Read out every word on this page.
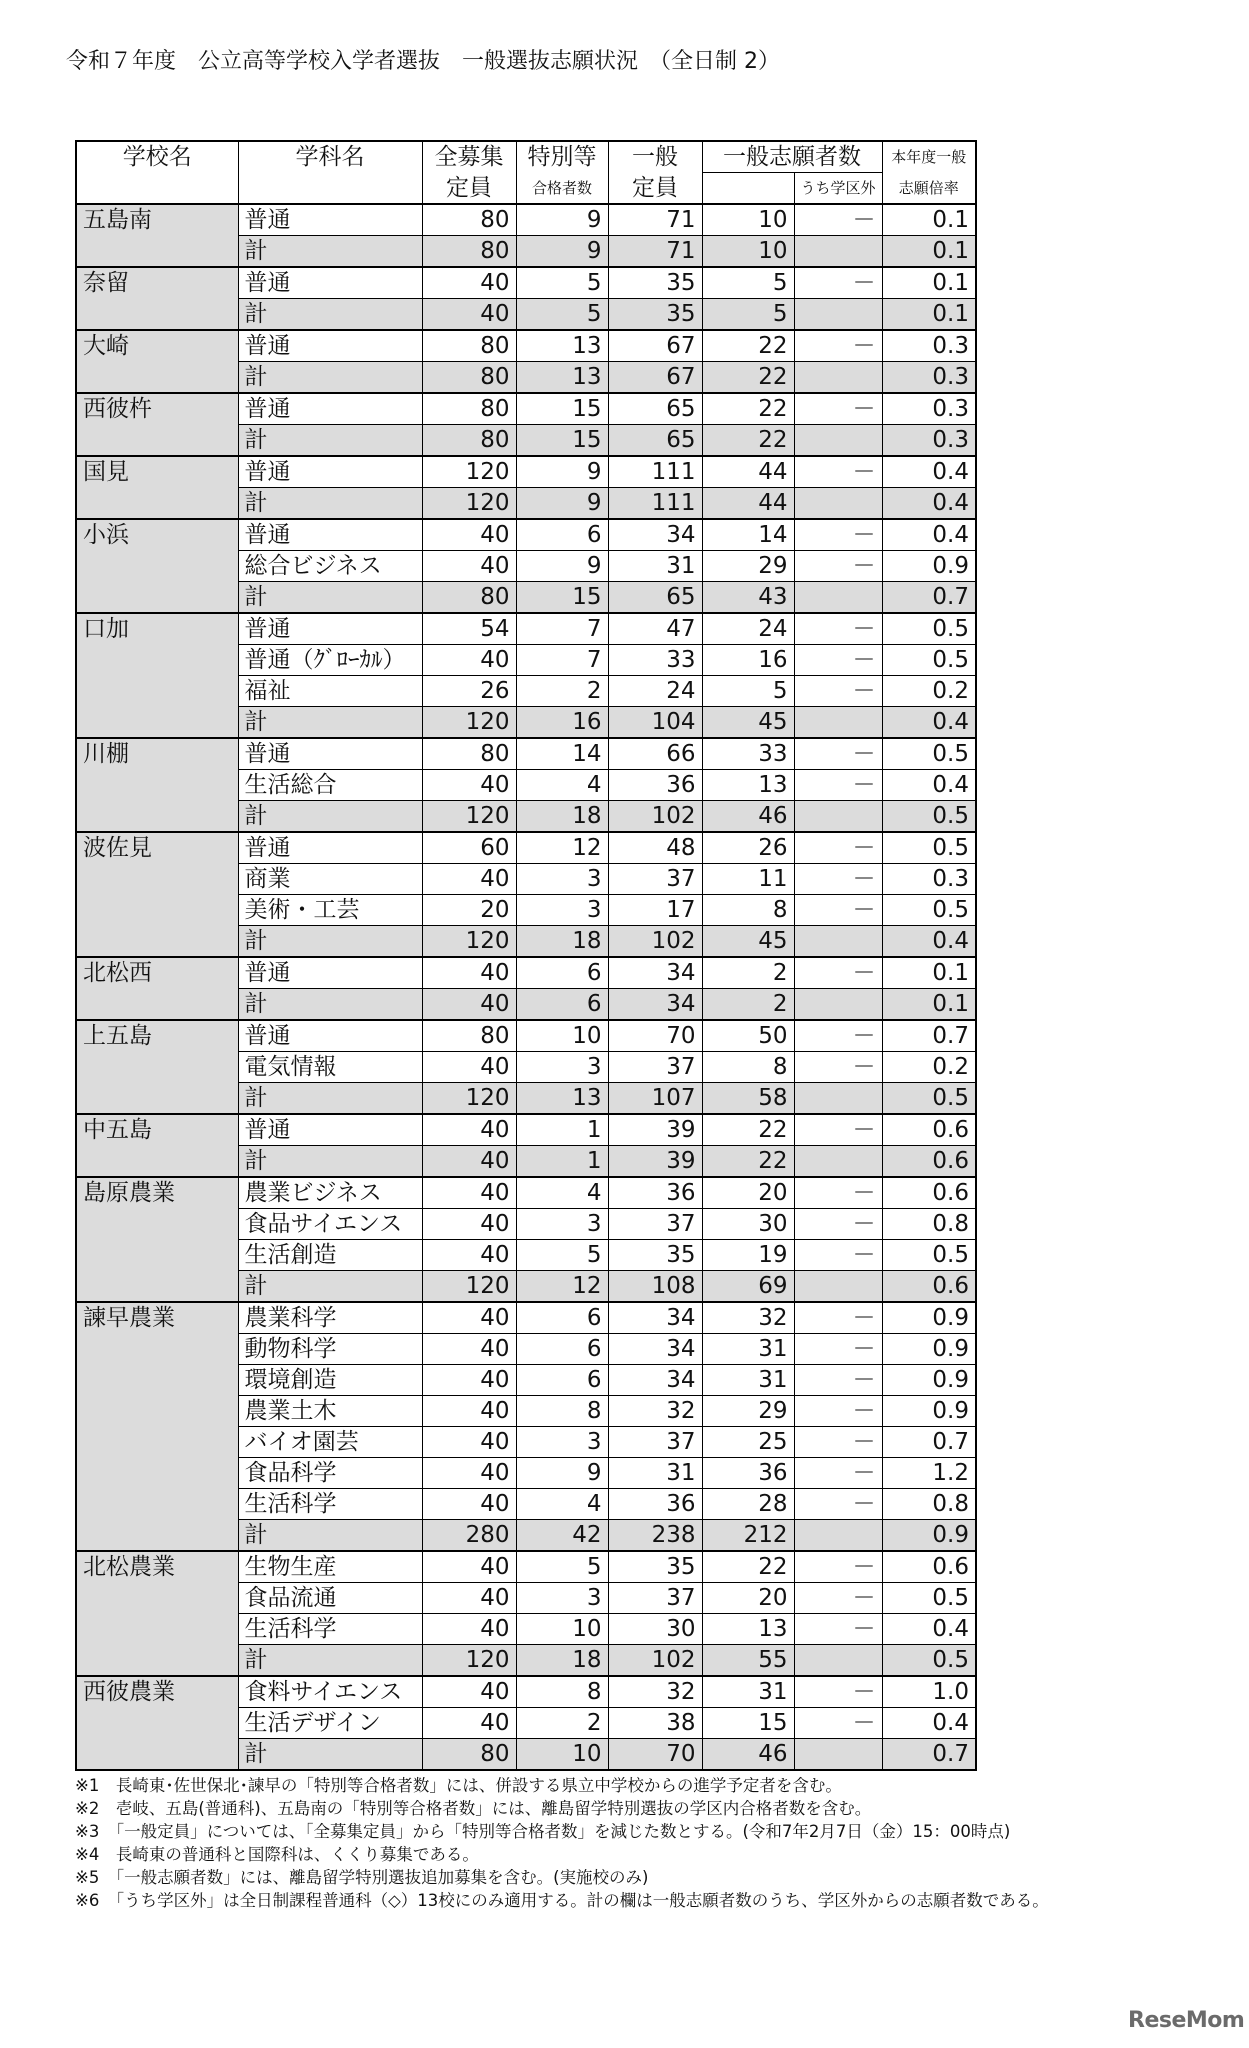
令和７年度　公立高等学校入学者選抜　一般選抜志願状況　（全日制 2）
学校名	学科名	全募集	特別等	一般	一般志願者数		本年度一般
		定員	合格者数	定員		うち学区外	志願倍率
五島南	普通	80	9	71	10	－	0.1
	計	80	9	71	10		0.1
奈留	普通	40	5	35	5	－	0.1
	計	40	5	35	5		0.1
大崎	普通	80	13	67	22	－	0.3
	計	80	13	67	22		0.3
西彼杵	普通	80	15	65	22	－	0.3
	計	80	15	65	22		0.3
国見	普通	120	9	111	44	－	0.4
	計	120	9	111	44		0.4
小浜	普通	40	6	34	14	－	0.4
	総合ビジネス	40	9	31	29	－	0.9
	計	80	15	65	43		0.7
口加	普通	54	7	47	24	－	0.5
	普通（ｸﾞﾛｰｶﾙ）	40	7	33	16	－	0.5
	福祉	26	2	24	5	－	0.2
	計	120	16	104	45		0.4
川棚	普通	80	14	66	33	－	0.5
	生活総合	40	4	36	13	－	0.4
	計	120	18	102	46		0.5
波佐見	普通	60	12	48	26	－	0.5
	商業	40	3	37	11	－	0.3
	美術・工芸	20	3	17	8	－	0.5
	計	120	18	102	45		0.4
北松西	普通	40	6	34	2	－	0.1
	計	40	6	34	2		0.1
上五島	普通	80	10	70	50	－	0.7
	電気情報	40	3	37	8	－	0.2
	計	120	13	107	58		0.5
中五島	普通	40	1	39	22	－	0.6
	計	40	1	39	22		0.6
島原農業	農業ビジネス	40	4	36	20	－	0.6
	食品サイエンス	40	3	37	30	－	0.8
	生活創造	40	5	35	19	－	0.5
	計	120	12	108	69		0.6
諫早農業	農業科学	40	6	34	32	－	0.9
	動物科学	40	6	34	31	－	0.9
	環境創造	40	6	34	31	－	0.9
	農業土木	40	8	32	29	－	0.9
	バイオ園芸	40	3	37	25	－	0.7
	食品科学	40	9	31	36	－	1.2
	生活科学	40	4	36	28	－	0.8
	計	280	42	238	212		0.9
北松農業	生物生産	40	5	35	22	－	0.6
	食品流通	40	3	37	20	－	0.5
	生活科学	40	10	30	13	－	0.4
	計	120	18	102	55		0.5
西彼農業	食料サイエンス	40	8	32	31	－	1.0
	生活デザイン	40	2	38	15	－	0.4
	計	80	10	70	46		0.7
※1　長崎東･佐世保北･諫早の「特別等合格者数」には、併設する県立中学校からの進学予定者を含む。
※2　壱岐、五島(普通科)、五島南の「特別等合格者数」には、離島留学特別選抜の学区内合格者数を含む。
※3　「一般定員」については、「全募集定員」から「特別等合格者数」を減じた数とする。(令和7年2月7日（金）15：00時点)
※4　長崎東の普通科と国際科は、くくり募集である。
※5　「一般志願者数」には、離島留学特別選抜追加募集を含む。(実施校のみ)
※6　「うち学区外」は全日制課程普通科（◇）13校にのみ適用する。計の欄は一般志願者数のうち、学区外からの志願者数である。
ReseMom
